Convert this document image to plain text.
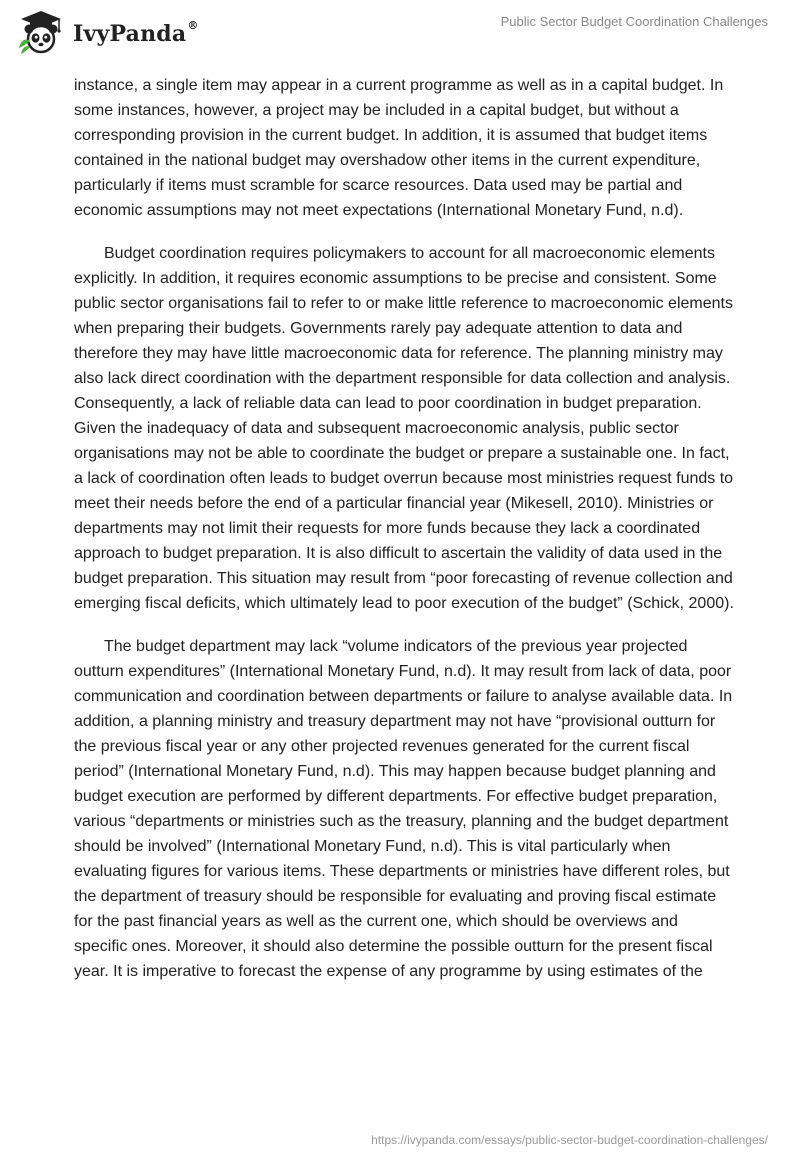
IvyPanda®	Public Sector Budget Coordination Challenges

instance, a single item may appear in a current programme as well as in a capital budget. In some instances, however, a project may be included in a capital budget, but without a corresponding provision in the current budget. In addition, it is assumed that budget items contained in the national budget may overshadow other items in the current expenditure, particularly if items must scramble for scarce resources. Data used may be partial and economic assumptions may not meet expectations (International Monetary Fund, n.d).

Budget coordination requires policymakers to account for all macroeconomic elements explicitly. In addition, it requires economic assumptions to be precise and consistent. Some public sector organisations fail to refer to or make little reference to macroeconomic elements when preparing their budgets. Governments rarely pay adequate attention to data and therefore they may have little macroeconomic data for reference. The planning ministry may also lack direct coordination with the department responsible for data collection and analysis. Consequently, a lack of reliable data can lead to poor coordination in budget preparation. Given the inadequacy of data and subsequent macroeconomic analysis, public sector organisations may not be able to coordinate the budget or prepare a sustainable one. In fact, a lack of coordination often leads to budget overrun because most ministries request funds to meet their needs before the end of a particular financial year (Mikesell, 2010). Ministries or departments may not limit their requests for more funds because they lack a coordinated approach to budget preparation. It is also difficult to ascertain the validity of data used in the budget preparation. This situation may result from “poor forecasting of revenue collection and emerging fiscal deficits, which ultimately lead to poor execution of the budget” (Schick, 2000).

The budget department may lack “volume indicators of the previous year projected outturn expenditures” (International Monetary Fund, n.d). It may result from lack of data, poor communication and coordination between departments or failure to analyse available data. In addition, a planning ministry and treasury department may not have “provisional outturn for the previous fiscal year or any other projected revenues generated for the current fiscal period” (International Monetary Fund, n.d). This may happen because budget planning and budget execution are performed by different departments. For effective budget preparation, various “departments or ministries such as the treasury, planning and the budget department should be involved” (International Monetary Fund, n.d). This is vital particularly when evaluating figures for various items. These departments or ministries have different roles, but the department of treasury should be responsible for evaluating and proving fiscal estimate for the past financial years as well as the current one, which should be overviews and specific ones. Moreover, it should also determine the possible outturn for the present fiscal year. It is imperative to forecast the expense of any programme by using estimates of the

https://ivypanda.com/essays/public-sector-budget-coordination-challenges/
